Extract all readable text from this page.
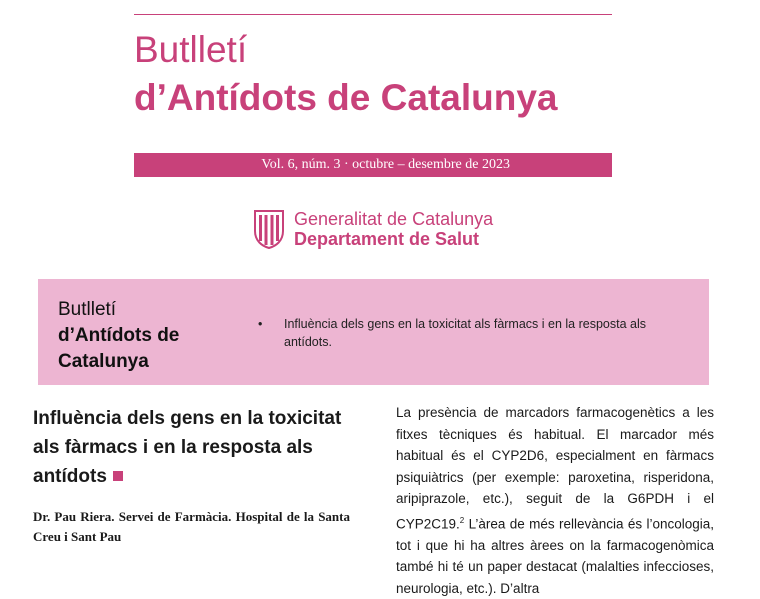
Butlletí
d’Antídots de Catalunya
Vol. 6, núm. 3 · octubre – desembre de 2023
Generalitat de Catalunya
Departament de Salut
Butlletí
d’Antídots de
Catalunya
• Influència dels gens en la toxicitat als fàrmacs i en la resposta als antídots.
Influència dels gens en la toxicitat als fàrmacs i en la resposta als antídots
Dr. Pau Riera. Servei de Farmàcia. Hospital de la Santa Creu i Sant Pau
La presència de marcadors farmacogenètics a les fitxes tècniques és habitual. El marcador més habitual és el CYP2D6, especialment en fàrmacs psiquiàtrics (per exemple: paroxetina, risperidona, aripiprazole, etc.), seguit de la G6PDH i el CYP2C19.$^2$ L’àrea de més rellevància és l’oncologia, tot i que hi ha altres àrees on la farmacogenòmica també hi té un paper destacat (malalties infeccioses, neurologia, etc.). D’altra
